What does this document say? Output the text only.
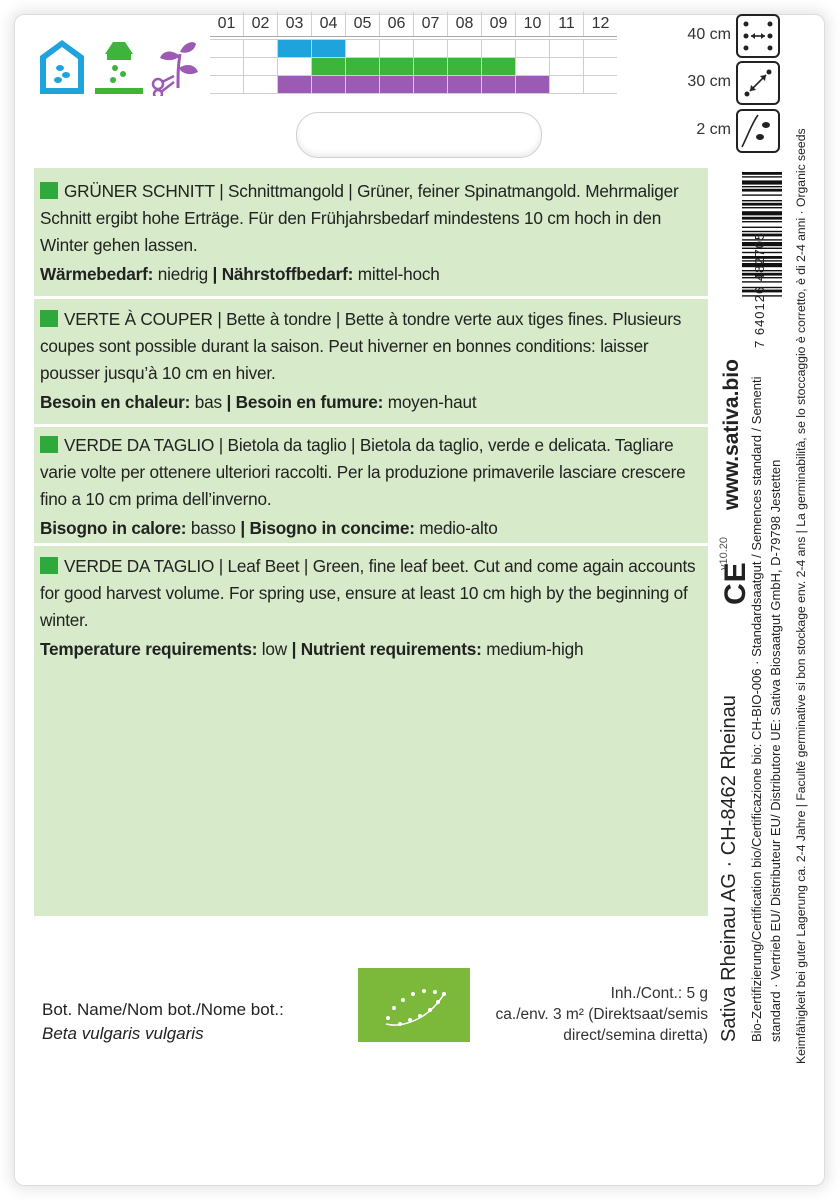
01	02	03	04	05	06	07	08	09	10	11	12

40 cm
30 cm
2 cm
GRÜNER SCHNITT | Schnittmangold | Grüner, feiner Spinatmangold. Mehrmaliger Schnitt ergibt hohe Erträge. Für den Frühjahrsbedarf mindestens 10 cm hoch in den Winter gehen lassen.
Wärmebedarf: niedrig | Nährstoffbedarf: mittel-hoch
VERTE À COUPER | Bette à tondre | Bette à tondre verte aux tiges fines. Plusieurs coupes sont possible durant la saison. Peut hiverner en bonnes conditions: laisser pousser jusqu’à 10 cm en hiver.
Besoin en chaleur: bas | Besoin en fumure: moyen-haut
VERDE DA TAGLIO | Bietola da taglio | Bietola da taglio, verde e delicata. Tagliare varie volte per ottenere ulteriori raccolti. Per la produzione primaverile lasciare crescere fino a 10 cm prima dell’inverno.
Bisogno in calore: basso | Bisogno in concime: medio-alto
VERDE DA TAGLIO | Leaf Beet | Green, fine leaf beet. Cut and come again accounts for good harvest volume. For spring use, ensure at least 10 cm high by the beginning of winter.
Temperature requirements: low | Nutrient requirements: medium-high
Bot. Name/Nom bot./Nome bot.:
Beta vulgaris vulgaris
Inh./Cont.: 5 g
ca./env. 3 m² (Direktsaat/semis
direct/semina diretta) Sativa Rheinau AG · CH-8462 Rheinau Bio-Zertifizierung/Certification bio/Certificazione bio: CH-BIO-006 · Standardsaatgut / Semences standard / Sementi standard · Vertrieb EU/ Distributeur EU/ Distributore UE: Sativa Biosaatgut GmbH, D-79798 Jestetten Keimfähigkeit bei guter Lagerung ca. 2-4 Jahre | Faculté germinative si bon stockage env. 2-4 ans | La germinabilità, se lo stoccaggio è corretto, è di 2-4 anni · Organic seeds
www.sativa.bio
v10.20
CE
7 640126 482705
